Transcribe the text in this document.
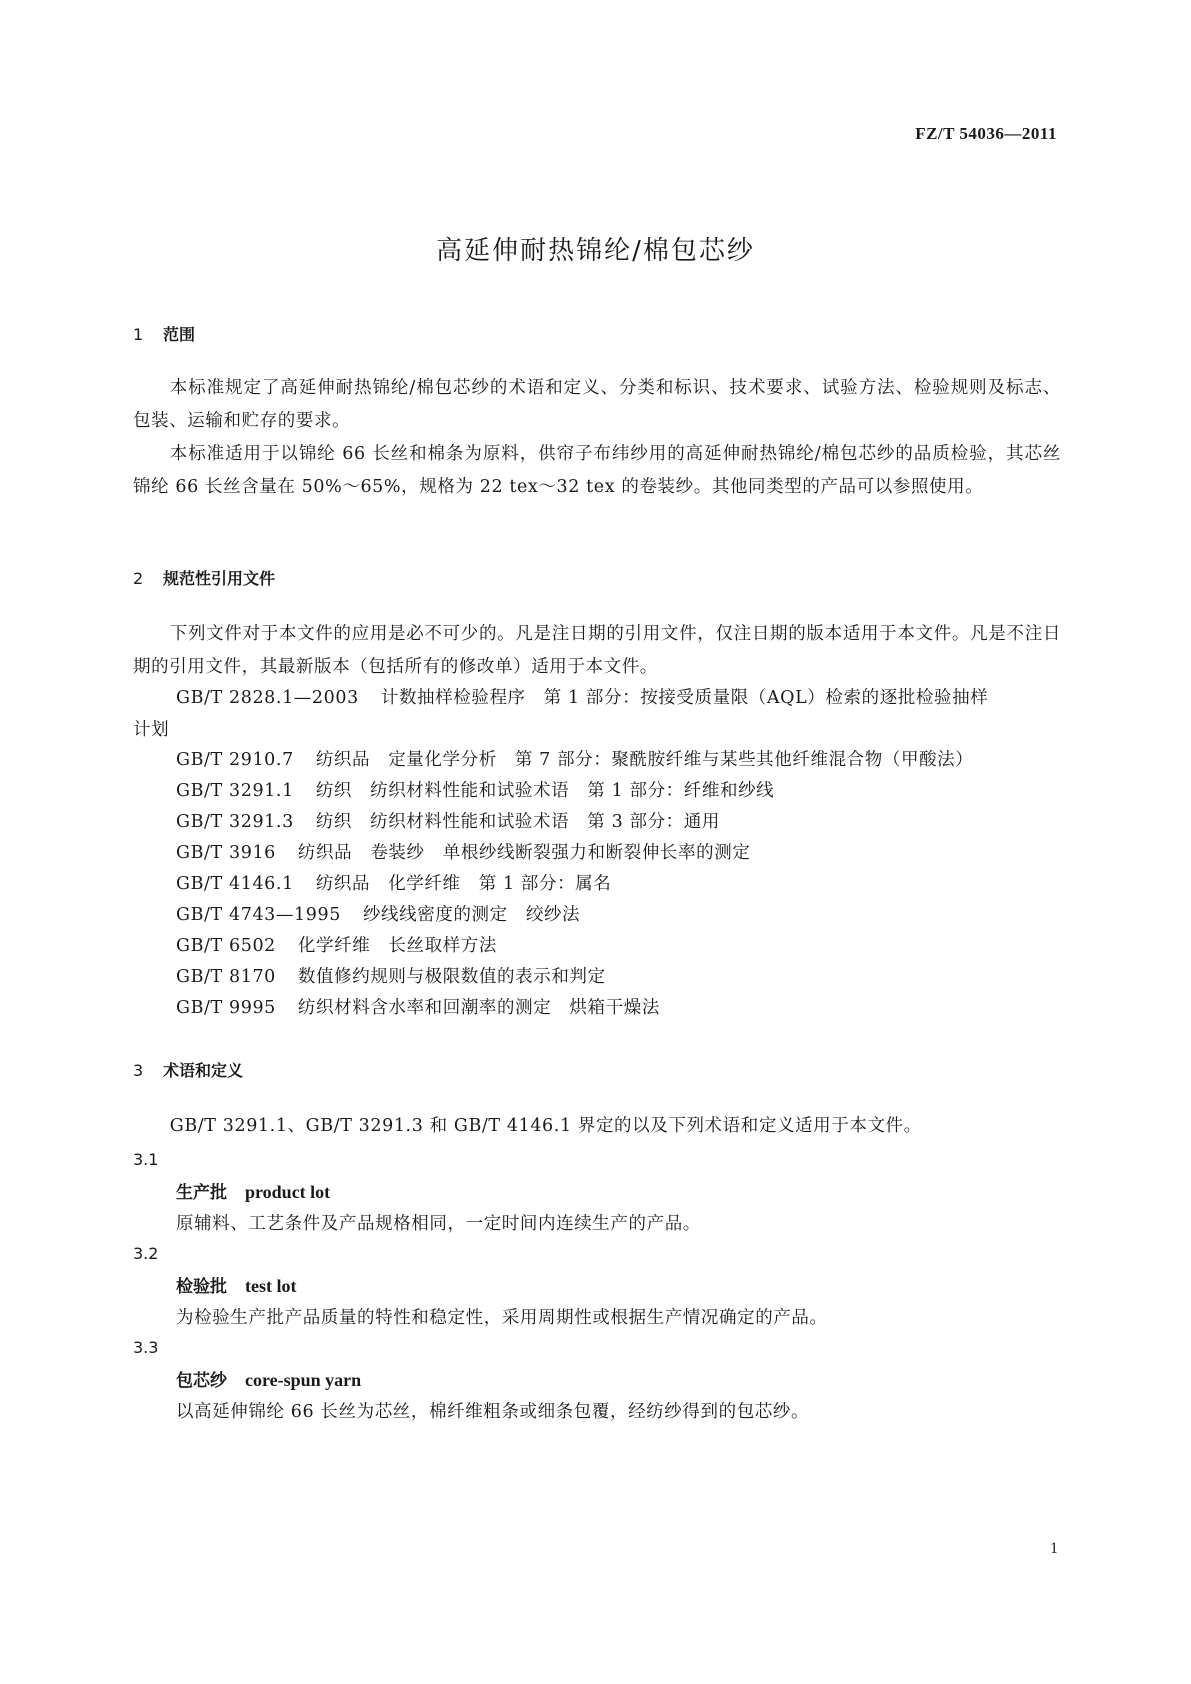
FZ/T 54036—2011
高延伸耐热锦纶/棉包芯纱
1 范围
本标准规定了高延伸耐热锦纶/棉包芯纱的术语和定义、分类和标识、技术要求、试验方法、检验规则及标志、包装、运输和贮存的要求。
本标准适用于以锦纶 66 长丝和棉条为原料，供帘子布纬纱用的高延伸耐热锦纶/棉包芯纱的品质检验，其芯丝锦纶 66 长丝含量在 50%～65%，规格为 22 tex～32 tex 的卷装纱。其他同类型的产品可以参照使用。
2 规范性引用文件
下列文件对于本文件的应用是必不可少的。凡是注日期的引用文件，仅注日期的版本适用于本文件。凡是不注日期的引用文件，其最新版本（包括所有的修改单）适用于本文件。
GB/T 2828.1—2003 计数抽样检验程序　第 1 部分：按接受质量限（AQL）检索的逐批检验抽样
计划
GB/T 2910.7 纺织品　定量化学分析　第 7 部分：聚酰胺纤维与某些其他纤维混合物（甲酸法）
GB/T 3291.1 纺织　纺织材料性能和试验术语　第 1 部分：纤维和纱线
GB/T 3291.3 纺织　纺织材料性能和试验术语　第 3 部分：通用
GB/T 3916 纺织品　卷装纱　单根纱线断裂强力和断裂伸长率的测定
GB/T 4146.1 纺织品　化学纤维　第 1 部分：属名
GB/T 4743—1995 纱线线密度的测定　绞纱法
GB/T 6502 化学纤维　长丝取样方法
GB/T 8170 数值修约规则与极限数值的表示和判定
GB/T 9995 纺织材料含水率和回潮率的测定　烘箱干燥法
3 术语和定义
GB/T 3291.1、GB/T 3291.3 和 GB/T 4146.1 界定的以及下列术语和定义适用于本文件。
3.1
生产批 product lot
原辅料、工艺条件及产品规格相同，一定时间内连续生产的产品。
3.2
检验批 test lot
为检验生产批产品质量的特性和稳定性，采用周期性或根据生产情况确定的产品。
3.3
包芯纱 core-spun yarn
以高延伸锦纶 66 长丝为芯丝，棉纤维粗条或细条包覆，经纺纱得到的包芯纱。
1
